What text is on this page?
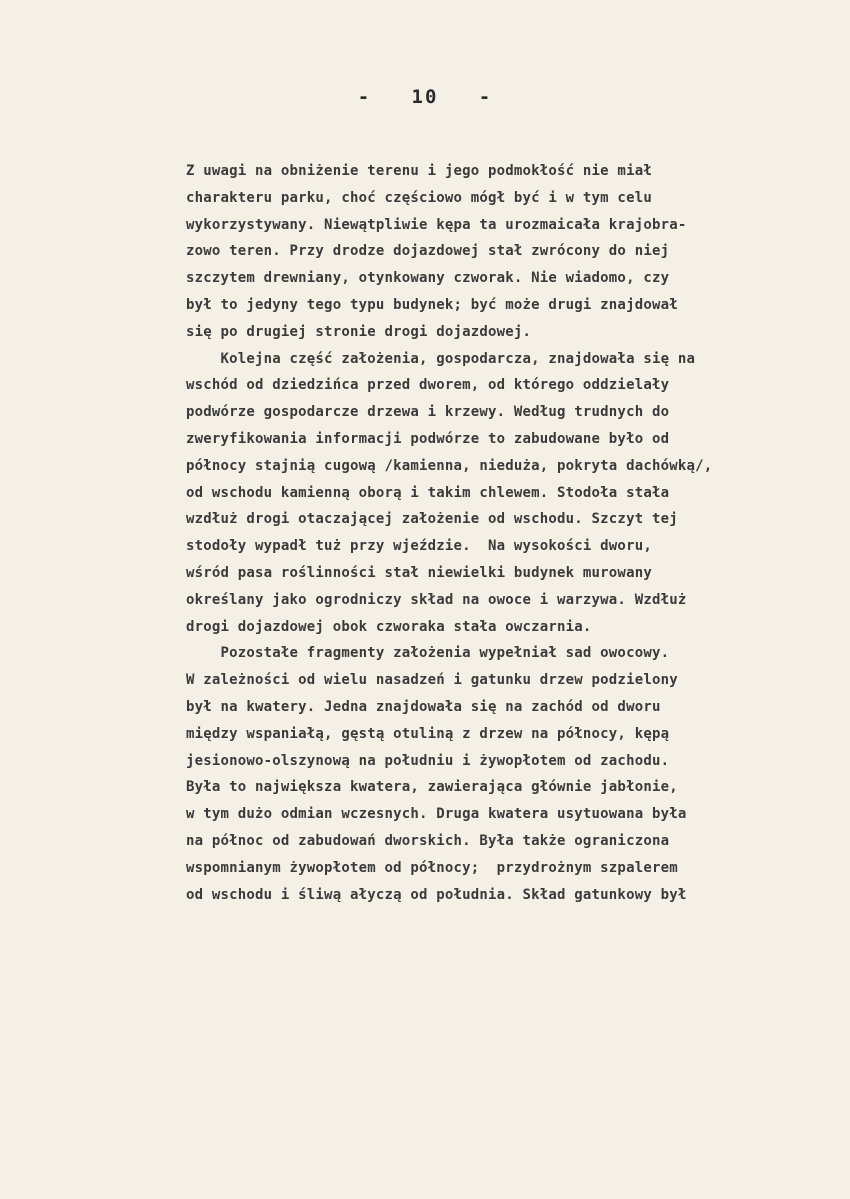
-   10   -
Z uwagi na obniżenie terenu i jego podmokłość nie miał
charakteru parku, choć częściowo mógł być i w tym celu
wykorzystywany. Niewątpliwie kępa ta urozmaicała krajobra-
zowo teren. Przy drodze dojazdowej stał zwrócony do niej
szczytem drewniany, otynkowany czworak. Nie wiadomo, czy
był to jedyny tego typu budynek; być może drugi znajdował
się po drugiej stronie drogi dojazdowej.
Kolejna część założenia, gospodarcza, znajdowała się na
wschód od dziedzińca przed dworem, od którego oddzielały
podwórze gospodarcze drzewa i krzewy. Według trudnych do
zweryfikowania informacji podwórze to zabudowane było od
północy stajnią cugową /kamienna, nieduża, pokryta dachówką/,
od wschodu kamienną oborą i takim chlewem. Stodoła stała
wzdłuż drogi otaczającej założenie od wschodu. Szczyt tej
stodoły wypadł tuż przy wjeździe.  Na wysokości dworu,
wśród pasa roślinności stał niewielki budynek murowany
określany jako ogrodniczy skład na owoce i warzywa. Wzdłuż
drogi dojazdowej obok czworaka stała owczarnia.
Pozostałe fragmenty założenia wypełniał sad owocowy.
W zależności od wielu nasadzeń i gatunku drzew podzielony
był na kwatery. Jedna znajdowała się na zachód od dworu
między wspaniałą, gęstą otuliną z drzew na północy, kępą
jesionowo-olszynową na południu i żywopłotem od zachodu.
Była to największa kwatera, zawierająca głównie jabłonie,
w tym dużo odmian wczesnych. Druga kwatera usytuowana była
na północ od zabudowań dworskich. Była także ograniczona
wspomnianym żywopłotem od północy;  przydrożnym szpalerem
od wschodu i śliwą ałyczą od południa. Skład gatunkowy był
